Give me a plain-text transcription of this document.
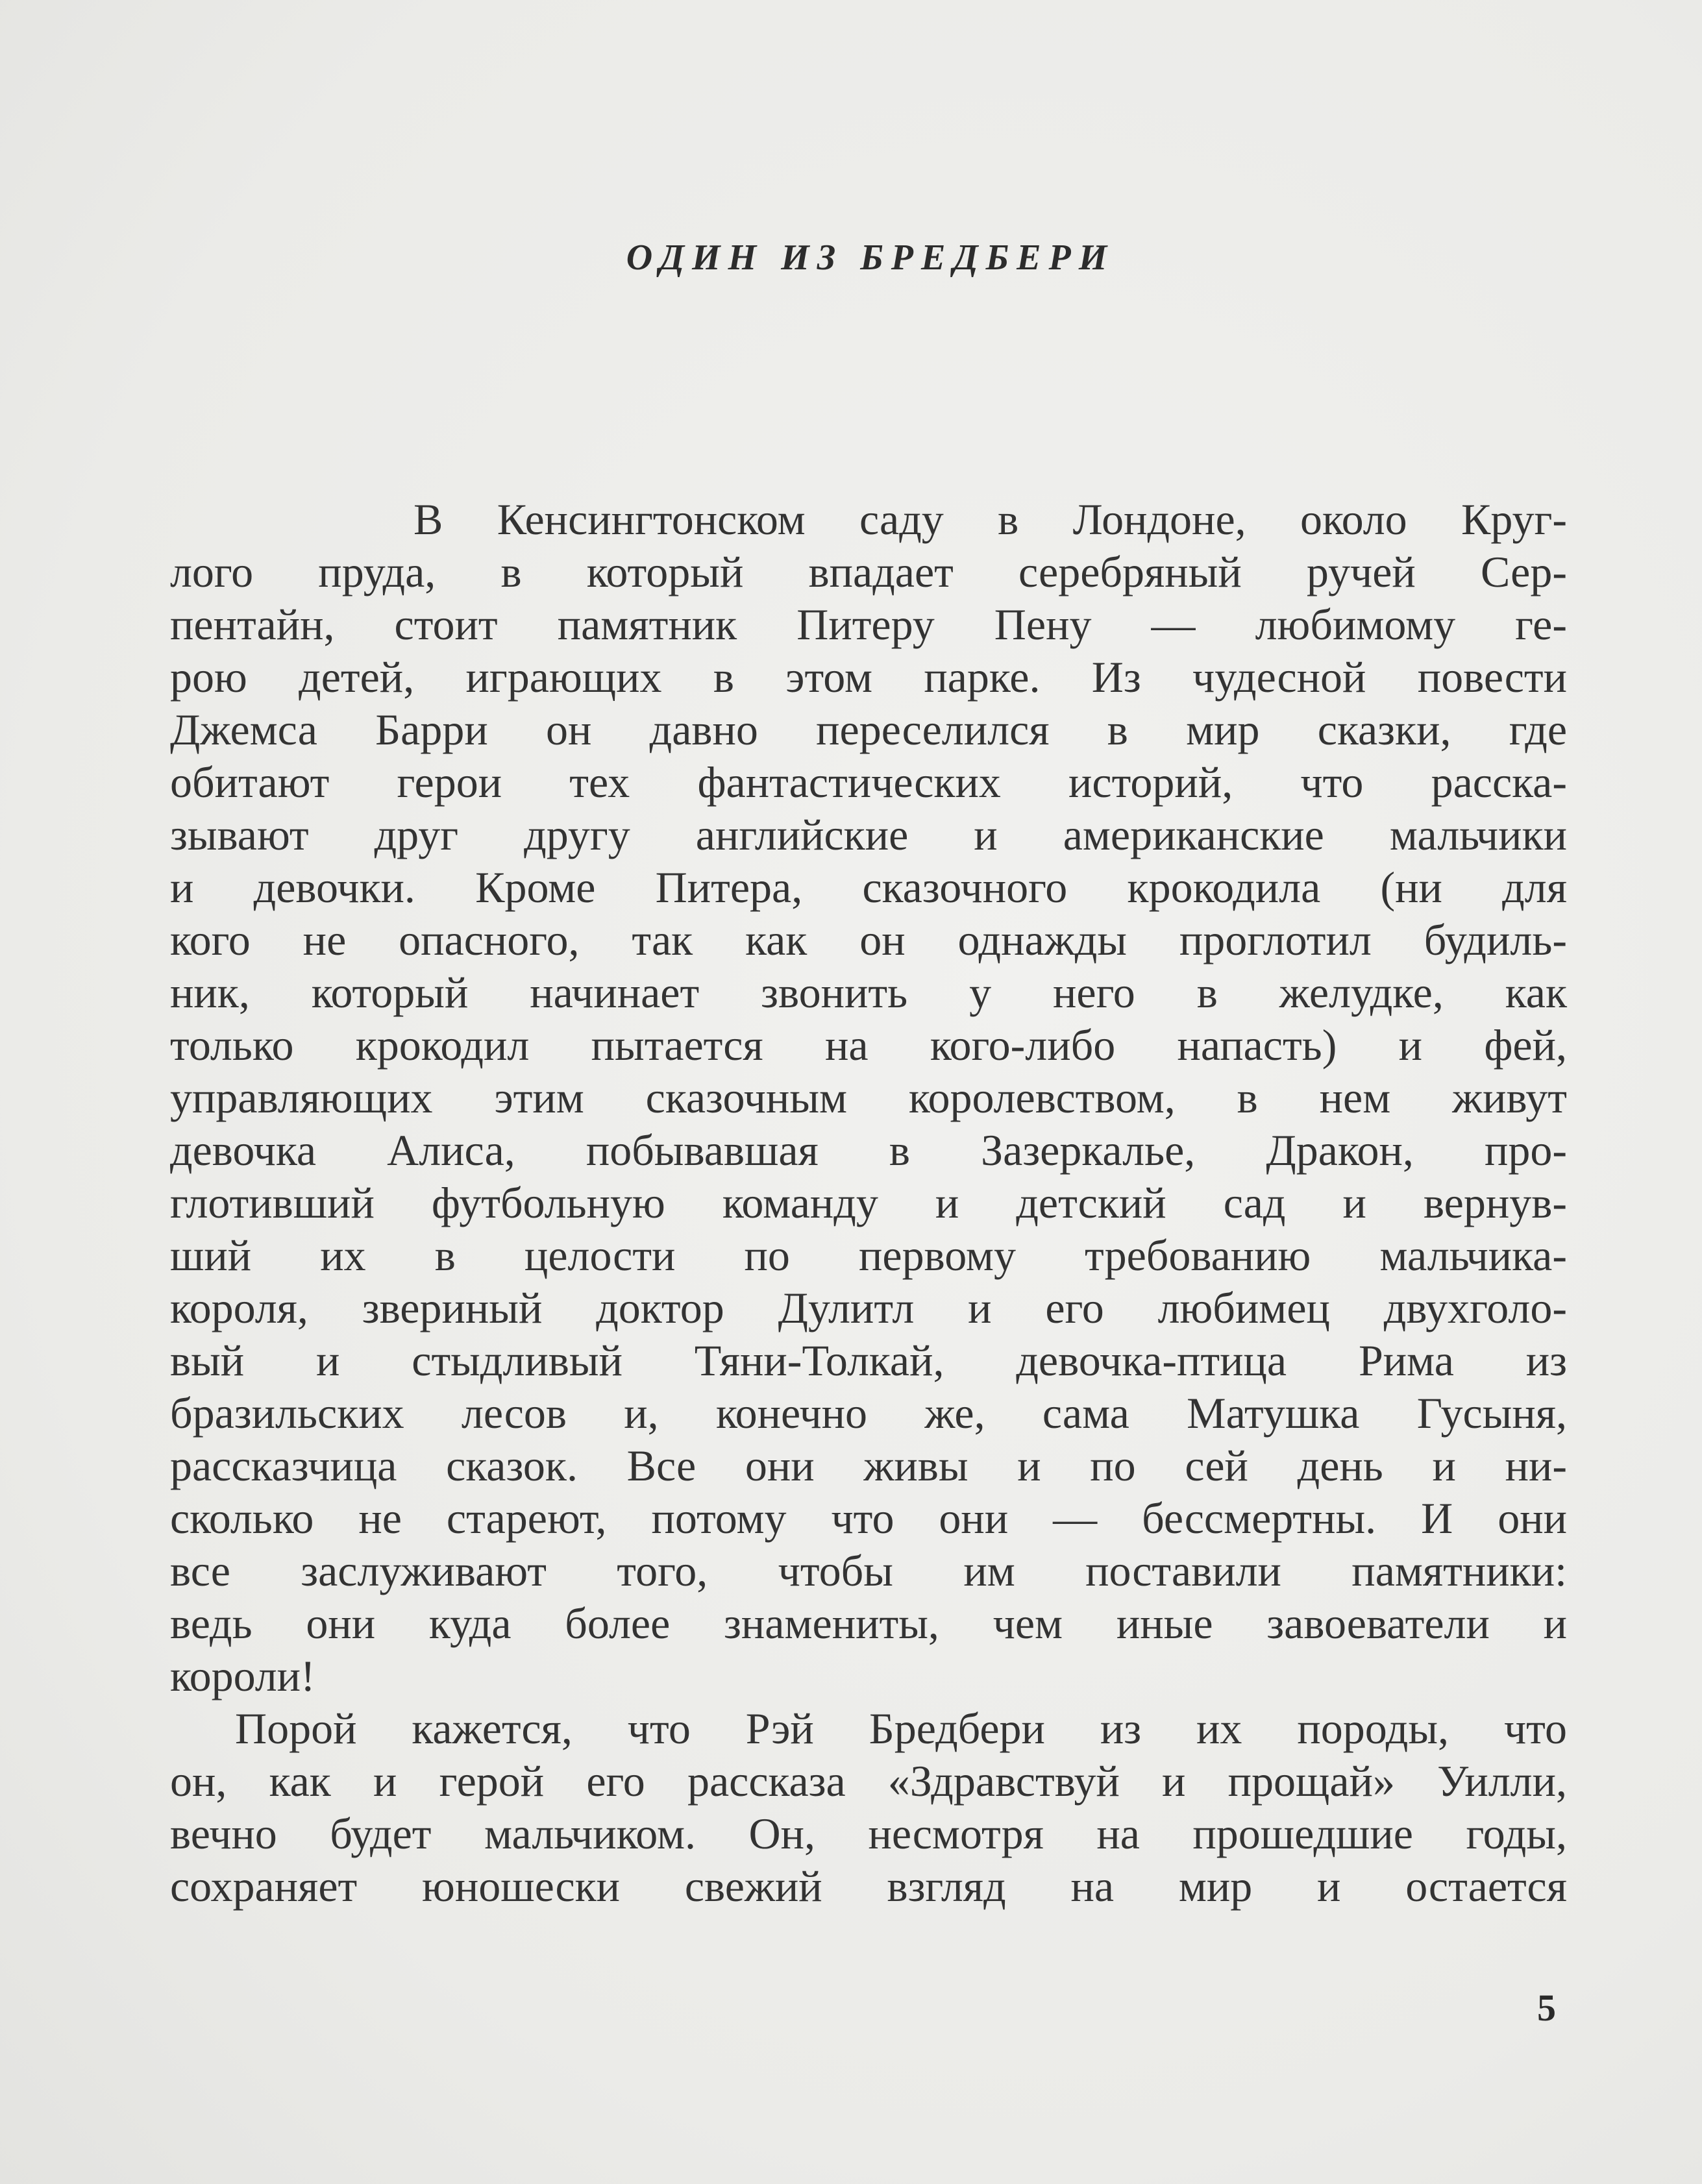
ОДИН ИЗ БРЕДБЕРИ
В Кенсингтонском саду в Лондоне, около Круг-
лого пруда, в который впадает серебряный ручей Сер-
пентайн, стоит памятник Питеру Пену — любимому ге-
рою детей, играющих в этом парке. Из чудесной повести
Джемса Барри он давно переселился в мир сказки, где
обитают герои тех фантастических историй, что расска-
зывают друг другу английские и американские мальчики
и девочки. Кроме Питера, сказочного крокодила (ни для
кого не опасного, так как он однажды проглотил будиль-
ник, который начинает звонить у него в желудке, как
только крокодил пытается на кого-либо напасть) и фей,
управляющих этим сказочным королевством, в нем живут
девочка Алиса, побывавшая в Зазеркалье, Дракон, про-
глотивший футбольную команду и детский сад и вернув-
ший их в целости по первому требованию мальчика-
короля, звериный доктор Дулитл и его любимец двухголо-
вый и стыдливый Тяни-Толкай, девочка-птица Рима из
бразильских лесов и, конечно же, сама Матушка Гусыня,
рассказчица сказок. Все они живы и по сей день и ни-
сколько не стареют, потому что они — бессмертны. И они
все заслуживают того, чтобы им поставили памятники:
ведь они куда более знамениты, чем иные завоеватели и
короли!
Порой кажется, что Рэй Бредбери из их породы, что
он, как и герой его рассказа «Здравствуй и прощай» Уилли,
вечно будет мальчиком. Он, несмотря на прошедшие годы,
сохраняет юношески свежий взгляд на мир и остается
5
